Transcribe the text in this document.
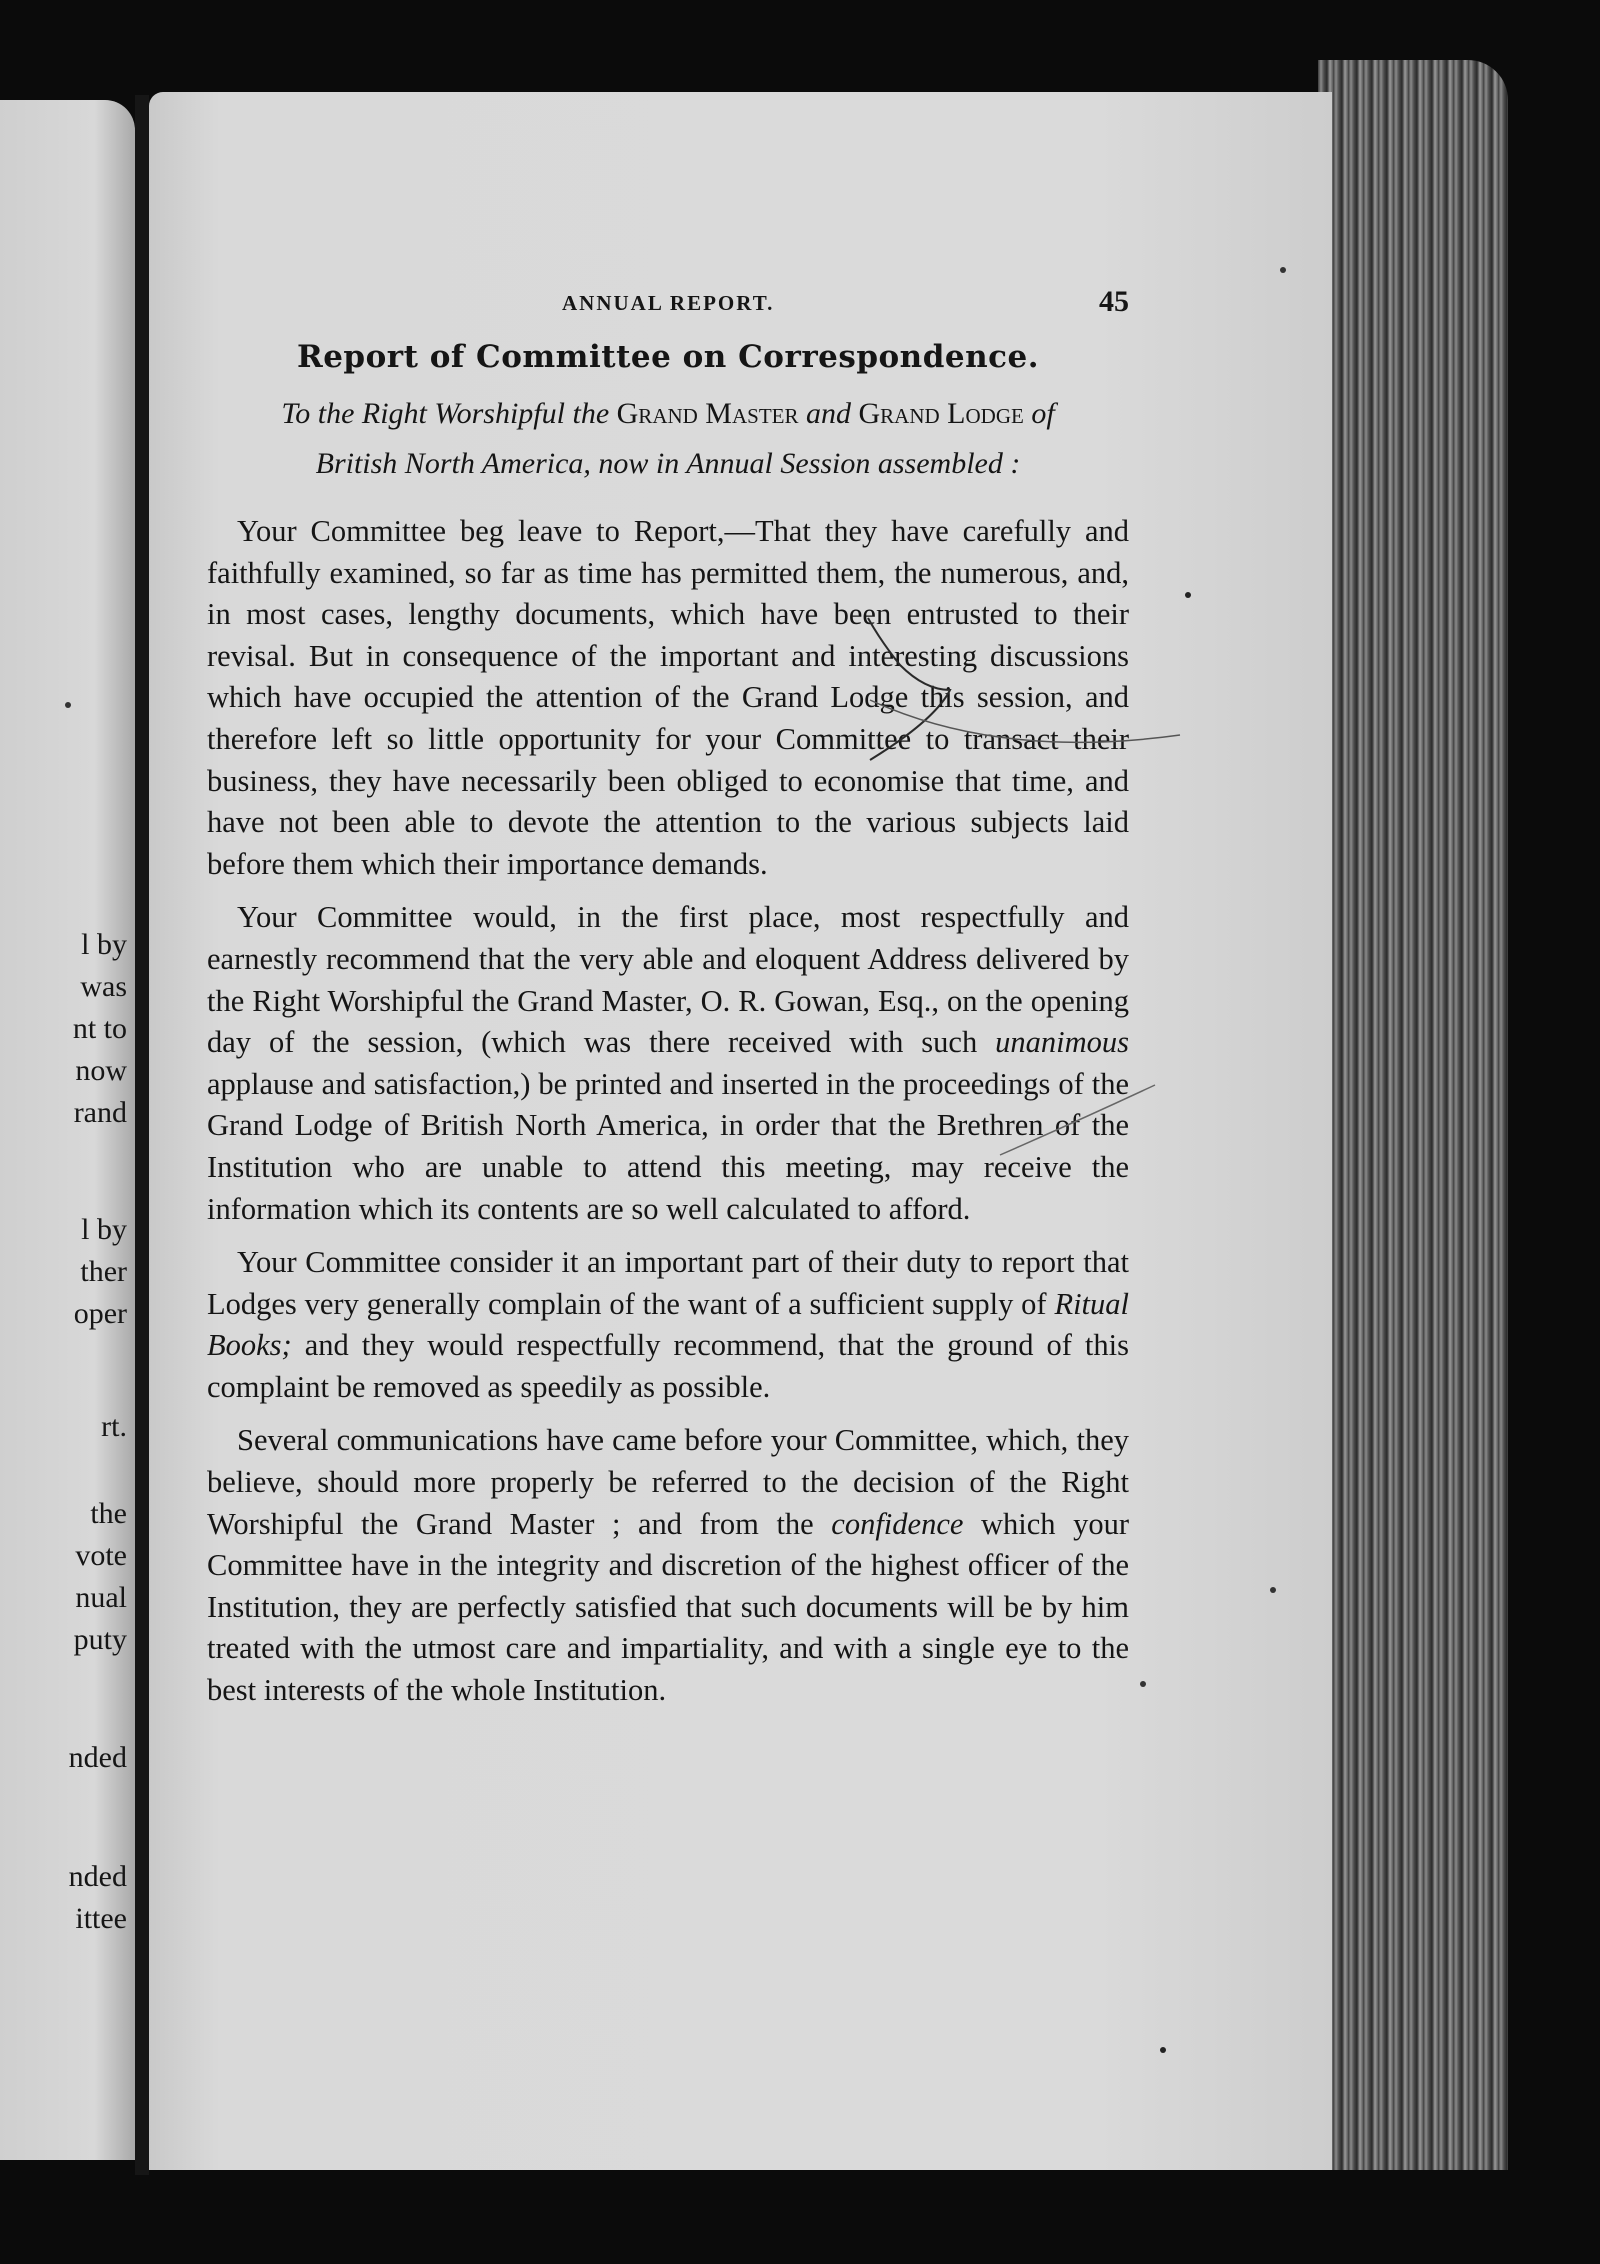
l by
was
nt to
now
rand
l by
ther
oper
rt.
the
vote
nual
puty
nded
nded
ittee
ANNUAL REPORT.	45
Report of Committee on Correspondence.
To the Right Worshipful the Grand Master and Grand Lodge of
British North America, now in Annual Session assembled :

Your Committee beg leave to Report,—That they have carefully and faithfully examined, so far as time has permitted them, the numerous, and, in most cases, lengthy documents, which have been entrusted to their revisal. But in consequence of the important and interesting discussions which have occupied the attention of the Grand Lodge this session, and therefore left so little opportunity for your Committee to transact their business, they have necessarily been obliged to economise that time, and have not been able to devote the attention to the various subjects laid before them which their importance demands.

Your Committee would, in the first place, most respectfully and earnestly recommend that the very able and eloquent Address delivered by the Right Worshipful the Grand Master, O. R. Gowan, Esq., on the opening day of the session, (which was there received with such unanimous applause and satisfaction,) be printed and inserted in the proceedings of the Grand Lodge of British North America, in order that the Brethren of the Institution who are unable to attend this meeting, may receive the information which its contents are so well calculated to afford.

Your Committee consider it an important part of their duty to report that Lodges very generally complain of the want of a sufficient supply of Ritual Books; and they would respectfully recommend, that the ground of this complaint be removed as speedily as possible.

Several communications have came before your Committee, which, they believe, should more properly be referred to the decision of the Right Worshipful the Grand Master ; and from the confidence which your Committee have in the integrity and discretion of the highest officer of the Institution, they are perfectly satisfied that such documents will be by him treated with the utmost care and impartiality, and with a single eye to the best interests of the whole Institution.
